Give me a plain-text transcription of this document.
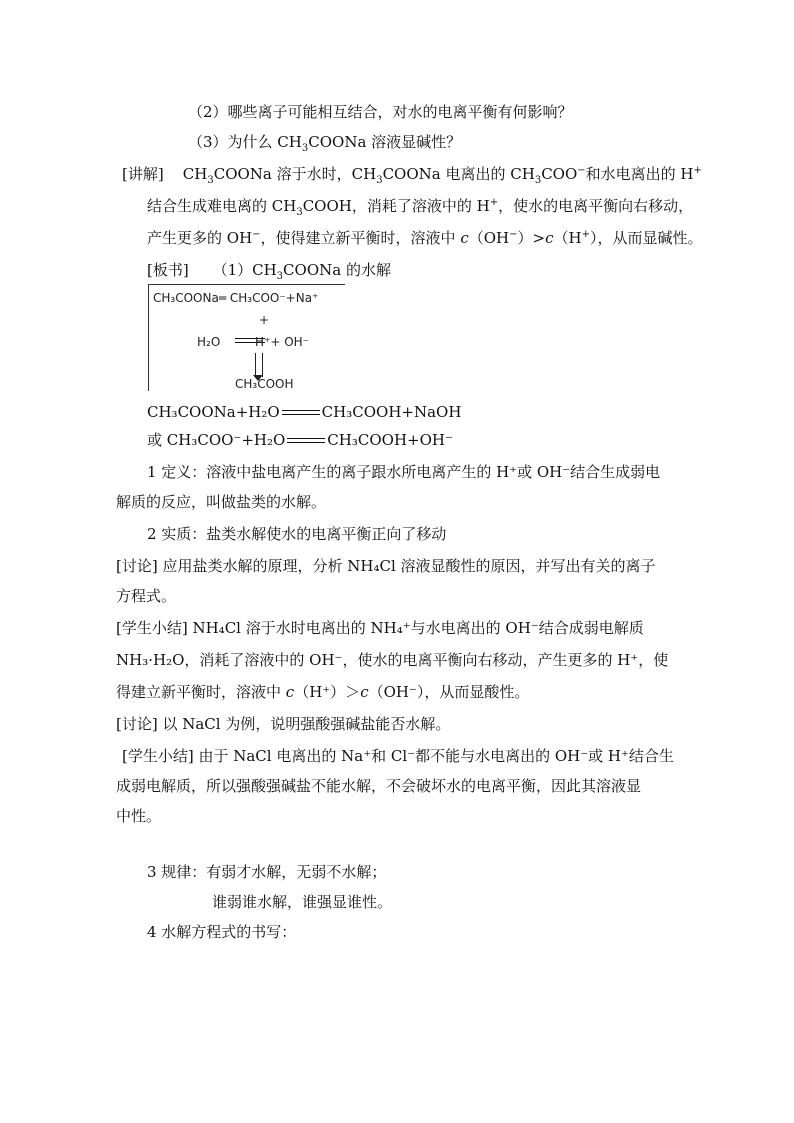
（2）哪些离子可能相互结合，对水的电离平衡有何影响？
（3）为什么 $CH_3COONa$ 溶液显碱性？
[讲解] $CH_3COONa$ 溶于水时，$CH_3COONa$ 电离出的 $CH_3COO^-$和水电离出的 H+
结合生成难电离的 $CH_3COOH$，消耗了溶液中的 H+，使水的电离平衡向右移动，
产生更多的 OH−，使得建立新平衡时，溶液中 c（OH−）>c（H+），从而显碱性。
[板书] $(1)CH_3COONa$ 的水解
CH₃COONa═ CH₃COO⁻+Na⁺
+
H₂O	H⁺+ OH⁻
CH₃COOH
CH₃COONa+H₂O	CH₃COOH+NaOH
或 CH₃COO⁻+H₂O	CH₃COOH+OH⁻
1 定义：溶液中盐电离产生的离子跟水所电离产生的 H⁺或 OH⁻结合生成弱电
解质的反应，叫做盐类的水解。
2 实质：盐类水解使水的电离平衡正向了移动
[讨论] 应用盐类水解的原理，分析 NH₄Cl 溶液显酸性的原因，并写出有关的离子
方程式。
[学生小结] NH₄Cl 溶于水时电离出的 NH₄⁺与水电离出的 OH⁻结合成弱电解质
NH₃·H₂O，消耗了溶液中的 OH⁻，使水的电离平衡向右移动，产生更多的 H⁺，使
得建立新平衡时，溶液中 c（H⁺）＞c（OH⁻），从而显酸性。
[讨论] 以 NaCl 为例，说明强酸强碱盐能否水解。
[学生小结] 由于 NaCl 电离出的 Na⁺和 Cl⁻都不能与水电离出的 OH⁻或 H⁺结合生
成弱电解质，所以强酸强碱盐不能水解，不会破坏水的电离平衡，因此其溶液显
中性。
3 规律：有弱才水解，无弱不水解；
谁弱谁水解，谁强显谁性。
4 水解方程式的书写：
